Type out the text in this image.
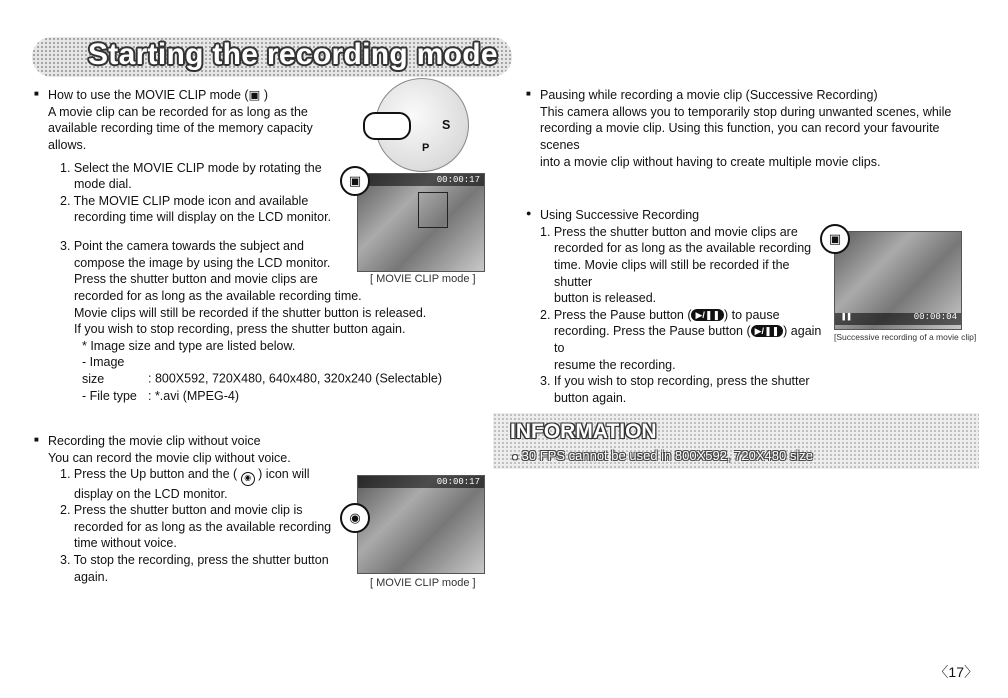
Starting the recording mode

■ How to use the MOVIE CLIP mode (▣ )

A movie clip can be recorded for as long as the

available recording time of the memory capacity

allows.

1. Select the MOVIE CLIP mode by rotating the
mode dial.

2. The MOVIE CLIP mode icon and available
recording time will display on the LCD monitor.

3. Point the camera towards the subject and

compose the image by using the LCD monitor.

Press the shutter button and movie clips are

recorded for as long as the available recording time.

Movie clips will still be recorded if the shutter button is released.

If you wish to stop recording, press the shutter button again.

* Image size and type are listed below.

- Image size	: 800X592, 720X480, 640x480, 320x240 (Selectable)

- File type : *.avi (MPEG-4)

S
P
00:00:17
▣
[ MOVIE CLIP mode ]

■ Recording the movie clip without voice

You can record the movie clip without voice.

1. Press the Up button and the ( ◉ ) icon will

display on the LCD monitor.

2. Press the shutter button and movie clip is

recorded for as long as the available recording

time without voice.

3. To stop the recording, press the shutter button

again.

00:00:17
◉
[ MOVIE CLIP mode ]

■ Pausing while recording a movie clip (Successive Recording)

This camera allows you to temporarily stop during unwanted scenes, while

recording a movie clip. Using this function, you can record your favourite scenes

into a movie clip without having to create multiple movie clips.

● Using Successive Recording

1. Press the shutter button and movie clips are

recorded for as long as the available recording

time. Movie clips will still be recorded if the shutter

button is released.

2. Press the Pause button ( ▶/❚❚ ) to pause

recording. Press the Pause button ( ▶/❚❚ ) again to

resume the recording.

3. If you wish to stop recording, press the shutter

button again.

❚❚	00:00:04
▣
[Successive recording of a movie clip]
INFORMATION
● 30 FPS cannot be used in 800X592, 720X480 size
〈17〉
